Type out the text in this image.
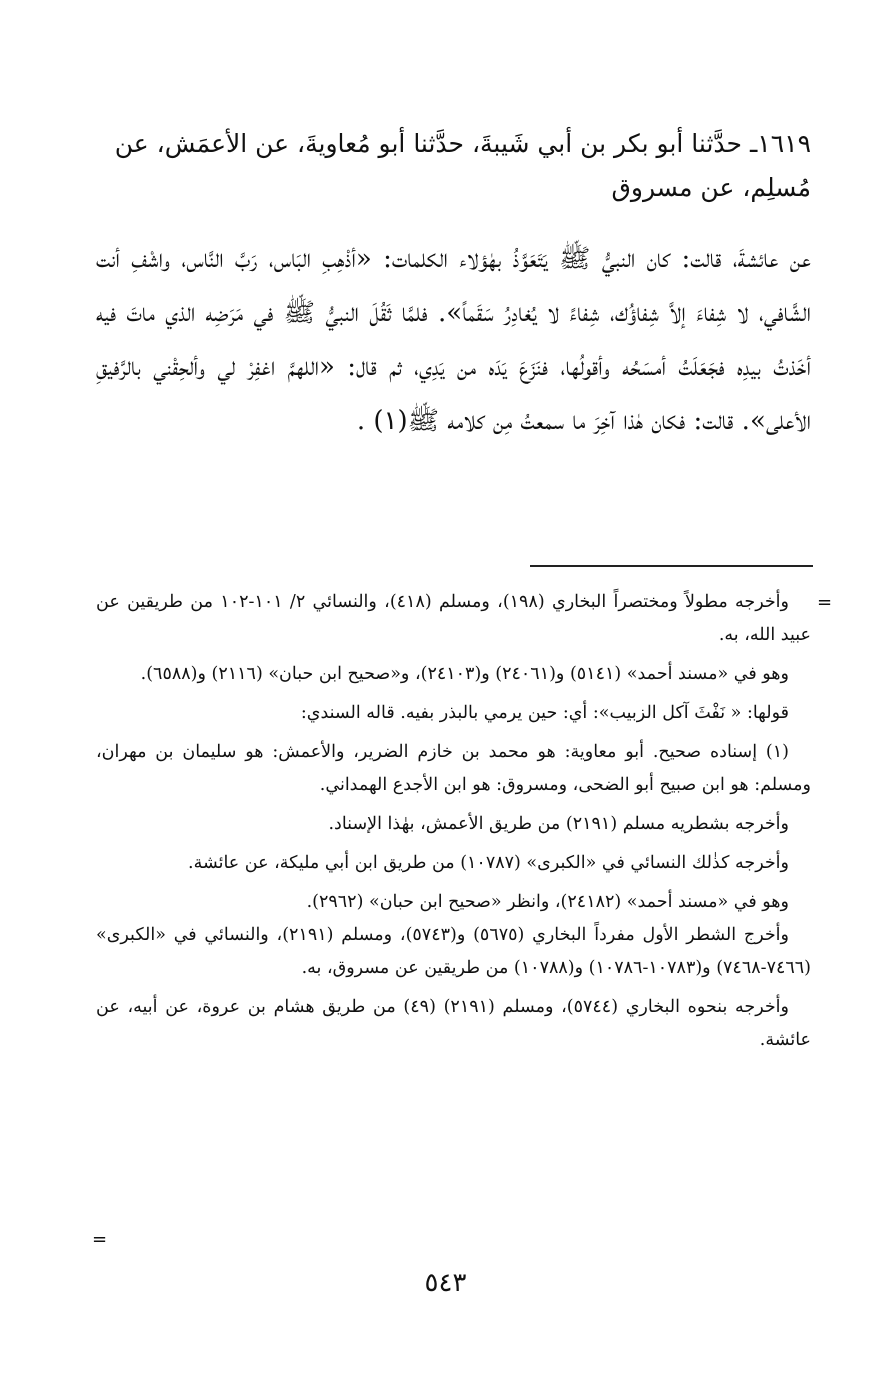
١٦١٩ـ حدَّثنا أبو بكر بن أبي شَيبةَ، حدَّثنا أبو مُعاويةَ، عن الأعمَش، عن مُسلِم، عن مسروق

عن عائشةَ، قالت: كان النبيُّ ﷺ يَتَعَوَّذُ بهٰؤلاء الكلمات: «أذْهِبِ البَاس، رَبَّ النَّاس، واشْفِ أنت الشَّافي، لا شِفاءَ إلاَّ شِفاؤُك، شِفاءً لا يُغادِرُ سَقَماً». فلمَّا ثَقُلَ النبيُّ ﷺ في مَرَضِه الذي ماتَ فيه أخَذتُ بيدِه فجَعَلَتُ أمسَحُه وأقولُها، فنَزَعَ يَدَه من يَدِي، ثم قال: «اللهمَّ اغفِرْ لي وألحِقْني بالرَّفيقِ الأعلى». قالت: فكان هٰذا آخِرَ ما سمعتُ مِن كلامه ﷺ(١) .

=

وأخرجه مطولاً ومختصراً البخاري (١٩٨)، ومسلم (٤١٨)، والنسائي ٢/ ١٠١-١٠٢ من طريقين عن عبيد الله، به.

وهو في «مسند أحمد» (٥١٤١) و(٢٤٠٦١) و(٢٤١٠٣)، و«صحيح ابن حبان» (٢١١٦) و(٦٥٨٨).

قولها: « نَفْثَ آكل الزبيب»: أي: حين يرمي بالبذر بفيه. قاله السندي:

(١) إسناده صحيح. أبو معاوية: هو محمد بن خازم الضرير، والأعمش: هو سليمان بن مهران، ومسلم: هو ابن صبيح أبو الضحى، ومسروق: هو ابن الأجدع الهمداني.

وأخرجه بشطريه مسلم (٢١٩١) من طريق الأعمش، بهٰذا الإسناد.

وأخرجه كذٰلك النسائي في «الكبرى» (١٠٧٨٧) من طريق ابن أبي مليكة، عن عائشة.

وهو في «مسند أحمد» (٢٤١٨٢)، وانظر «صحيح ابن حبان» (٢٩٦٢).

وأخرج الشطر الأول مفرداً البخاري (٥٦٧٥) و(٥٧٤٣)، ومسلم (٢١٩١)، والنسائي في «الكبرى» (٧٤٦٦-٧٤٦٨) و(١٠٧٨٣-١٠٧٨٦) و(١٠٧٨٨) من طريقين عن مسروق، به.

وأخرجه بنحوه البخاري (٥٧٤٤)، ومسلم (٢١٩١) (٤٩) من طريق هشام بن عروة، عن أبيه، عن عائشة.

=
٥٤٣
